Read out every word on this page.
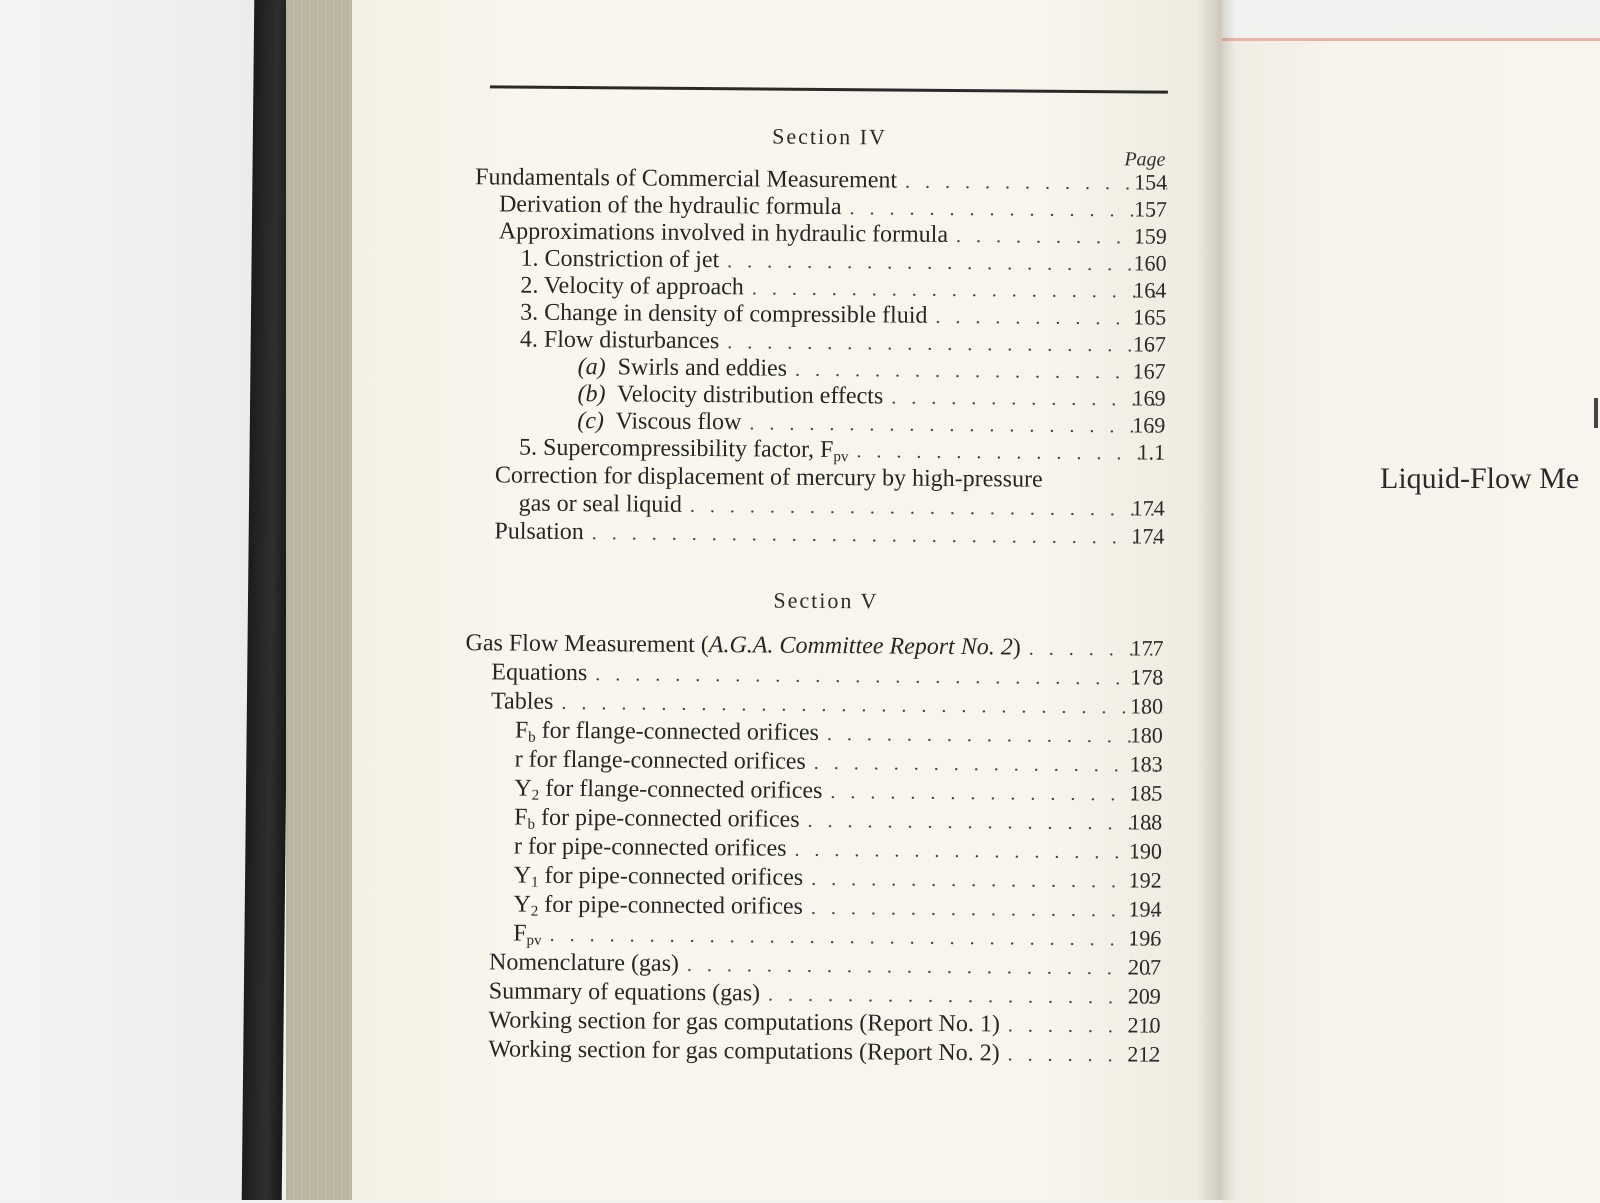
Liquid-Flow Me
Section IV
Page
Fundamentals of Commercial Measurement . . .	154
Derivation of the hydraulic formula . . .	157
Approximations involved in hydraulic formula . . .	159
1. Constriction of jet . . .	160
2. Velocity of approach . . .	164
3. Change in density of compressible fluid . . .	165
4. Flow disturbances . . .	167
(a) Swirls and eddies . . .	167
(b) Velocity distribution effects . . .	169
(c) Viscous flow . . .	169
5. Supercompressibility factor, $F_{pv}$ . . .	1.1
Correction for displacement of mercury by high-pressure
gas or seal liquid . . .	174
Pulsation . . .	174
Section V
Gas Flow Measurement (A.G.A. Committee Report No. 2) . . .	177
Equations . . .	178
Tables . . .	180
$F_b$ for flange-connected orifices . . .	180
r for flange-connected orifices . . .	183
$Y_2$ for flange-connected orifices . . .	185
$F_b$ for pipe-connected orifices . . .	188
r for pipe-connected orifices . . .	190
$Y_1$ for pipe-connected orifices . . .	192
$Y_2$ for pipe-connected orifices . . .	194
$F_{pv}$ . . .	196
Nomenclature (gas) . . .	207
Summary of equations (gas) . . .	209
Working section for gas computations (Report No. 1) . . .	210
Working section for gas computations (Report No. 2) . . .	212
